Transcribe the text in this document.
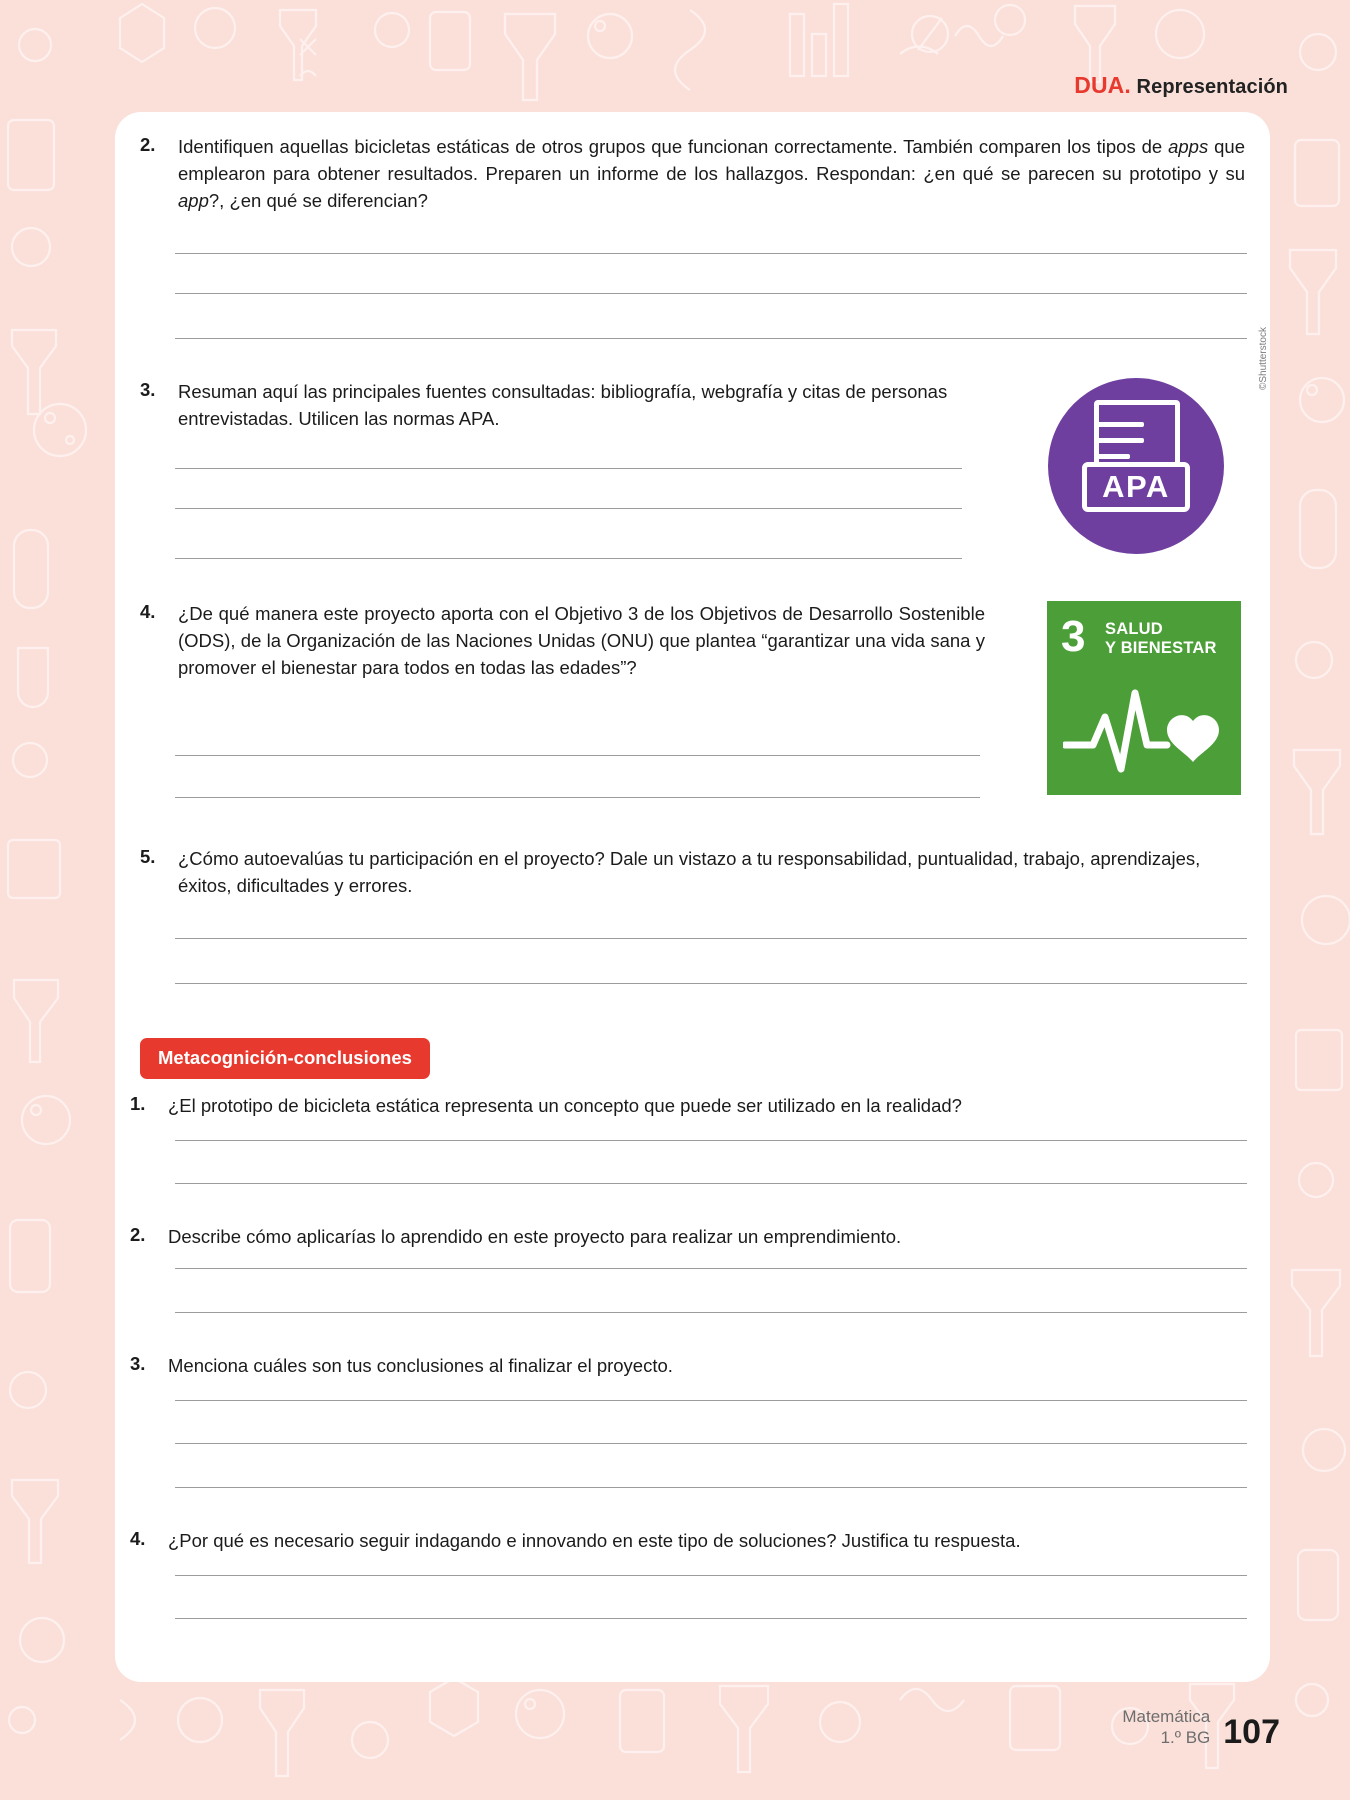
DUA. Representación
2.	Identifiquen aquellas bicicletas estáticas de otros grupos que funcionan correctamente. También comparen los tipos de apps que emplearon para obtener resultados. Preparen un informe de los hallazgos. Respondan: ¿en qué se parecen su prototipo y su app?, ¿en qué se diferencian?
3.	Resuman aquí las principales fuentes consultadas: bibliografía, webgrafía y citas de personas entrevistadas. Utilicen las normas APA.
APA
©Shutterstock
4.	¿De qué manera este proyecto aporta con el Objetivo 3 de los Objetivos de Desarrollo Sostenible (ODS), de la Organización de las Naciones Unidas (ONU) que plantea “garantizar una vida sana y promover el bienestar para todos en todas las edades”?
3 SALUD
Y BIENESTAR
5.	¿Cómo autoevalúas tu participación en el proyecto? Dale un vistazo a tu responsabilidad, puntualidad, trabajo, aprendizajes, éxitos, dificultades y errores.
Metacognición-conclusiones
1.	¿El prototipo de bicicleta estática representa un concepto que puede ser utilizado en la realidad?
2.	Describe cómo aplicarías lo aprendido en este proyecto para realizar un emprendimiento.
3.	Menciona cuáles son tus conclusiones al finalizar el proyecto.
4.	¿Por qué es necesario seguir indagando e innovando en este tipo de soluciones? Justifica tu respuesta.
Matemática
1.º BG 107
